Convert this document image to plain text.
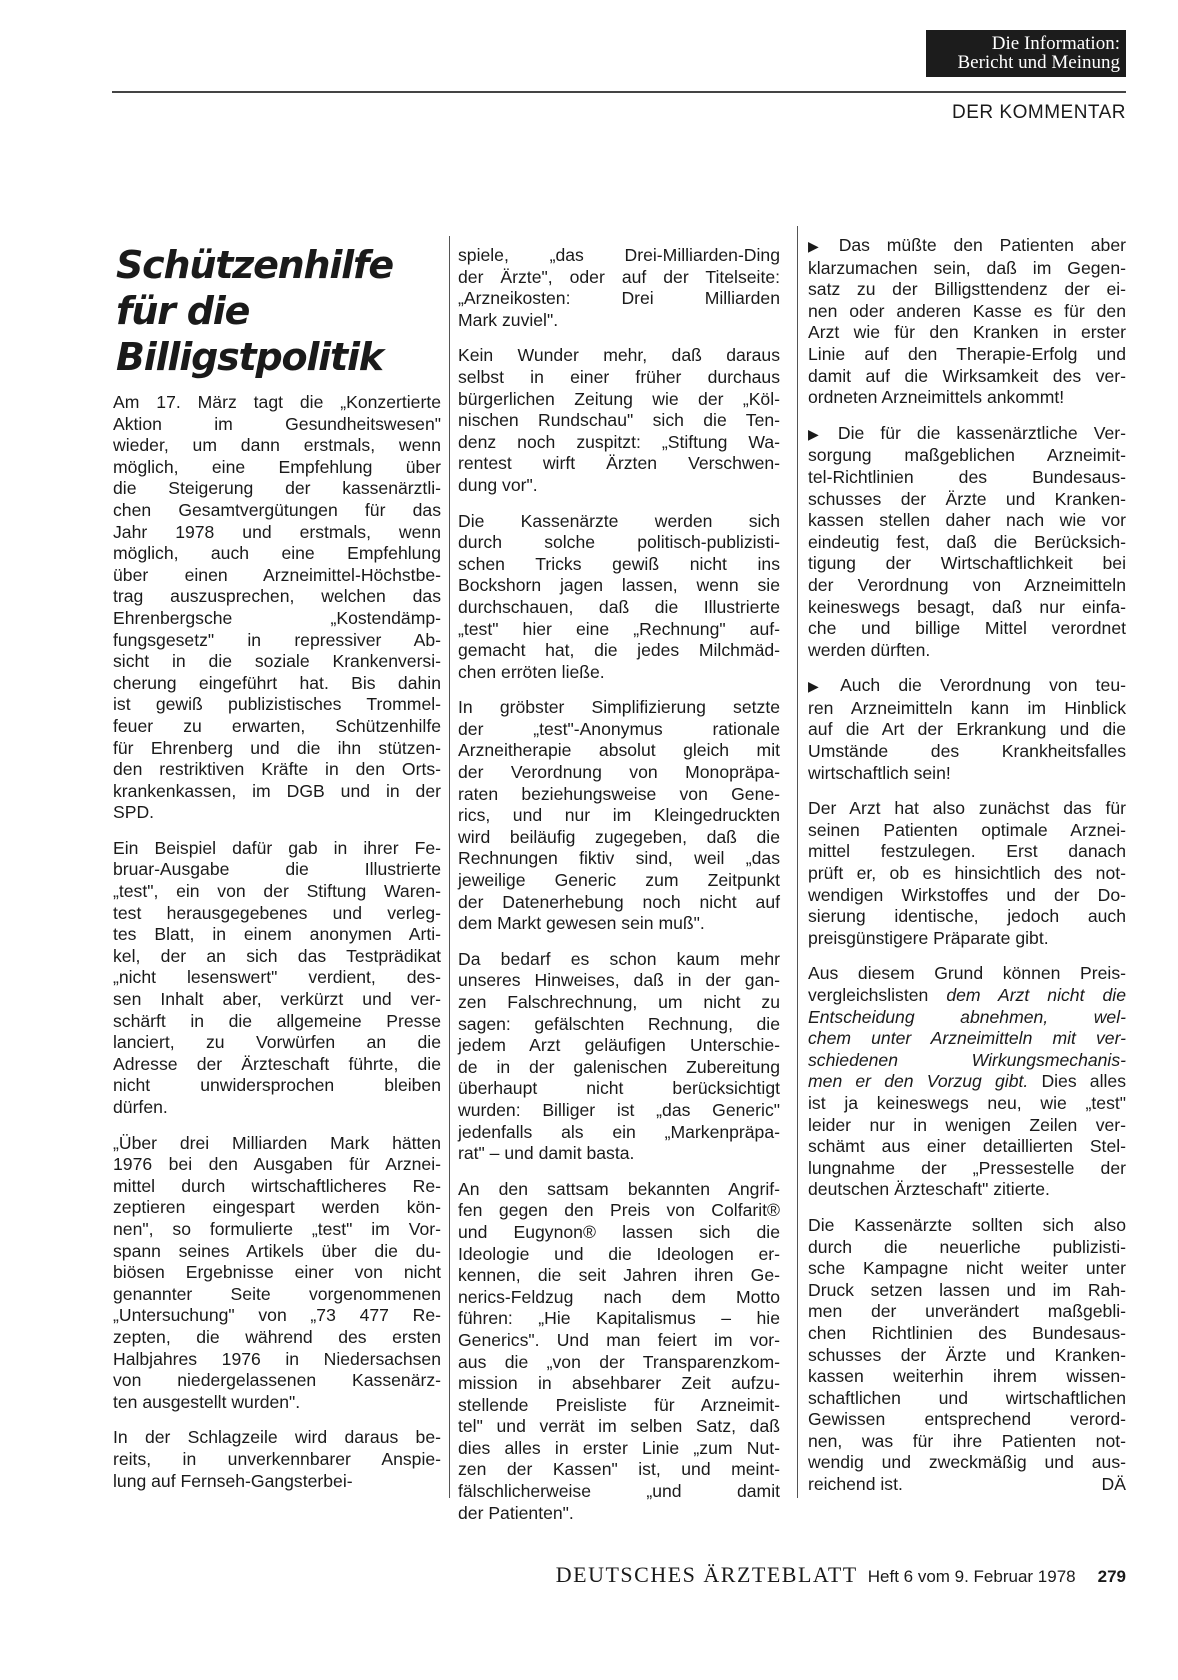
Die Information:
Bericht und Meinung
DER KOMMENTAR
Schützenhilfe
für die
Billigstpolitik

Am 17. März tagt die „Konzertierte
Aktion im Gesundheitswesen"
wieder, um dann erstmals, wenn
möglich, eine Empfehlung über
die Steigerung der kassenärztli-
chen Gesamtvergütungen für das
Jahr 1978 und erstmals, wenn
möglich, auch eine Empfehlung
über einen Arzneimittel-Höchstbe-
trag auszusprechen, welchen das
Ehrenbergsche „Kostendämp-
fungsgesetz" in repressiver Ab-
sicht in die soziale Krankenversi-
cherung eingeführt hat. Bis dahin
ist gewiß publizistisches Trommel-
feuer zu erwarten, Schützenhilfe
für Ehrenberg und die ihn stützen-
den restriktiven Kräfte in den Orts-
krankenkassen, im DGB und in der
SPD.

Ein Beispiel dafür gab in ihrer Fe-
bruar-Ausgabe die Illustrierte
„test", ein von der Stiftung Waren-
test herausgegebenes und verleg-
tes Blatt, in einem anonymen Arti-
kel, der an sich das Testprädikat
„nicht lesenswert" verdient, des-
sen Inhalt aber, verkürzt und ver-
schärft in die allgemeine Presse
lanciert, zu Vorwürfen an die
Adresse der Ärzteschaft führte, die
nicht unwidersprochen bleiben
dürfen.

„Über drei Milliarden Mark hätten
1976 bei den Ausgaben für Arznei-
mittel durch wirtschaftlicheres Re-
zeptieren eingespart werden kön-
nen", so formulierte „test" im Vor-
spann seines Artikels über die du-
biösen Ergebnisse einer von nicht
genannter Seite vorgenommenen
„Untersuchung" von „73 477 Re-
zepten, die während des ersten
Halbjahres 1976 in Niedersachsen
von niedergelassenen Kassenärz-
ten ausgestellt wurden".

In der Schlagzeile wird daraus be-
reits, in unverkennbarer Anspie-
lung auf Fernseh-Gangsterbei-

spiele, „das Drei-Milliarden-Ding
der Ärzte", oder auf der Titelseite:
„Arzneikosten: Drei Milliarden
Mark zuviel".

Kein Wunder mehr, daß daraus
selbst in einer früher durchaus
bürgerlichen Zeitung wie der „Köl-
nischen Rundschau" sich die Ten-
denz noch zuspitzt: „Stiftung Wa-
rentest wirft Ärzten Verschwen-
dung vor".

Die Kassenärzte werden sich
durch solche politisch-publizisti-
schen Tricks gewiß nicht ins
Bockshorn jagen lassen, wenn sie
durchschauen, daß die Illustrierte
„test" hier eine „Rechnung" auf-
gemacht hat, die jedes Milchmäd-
chen erröten ließe.

In gröbster Simplifizierung setzte
der „test"-Anonymus rationale
Arzneitherapie absolut gleich mit
der Verordnung von Monopräpa-
raten beziehungsweise von Gene-
rics, und nur im Kleingedruckten
wird beiläufig zugegeben, daß die
Rechnungen fiktiv sind, weil „das
jeweilige Generic zum Zeitpunkt
der Datenerhebung noch nicht auf
dem Markt gewesen sein muß".

Da bedarf es schon kaum mehr
unseres Hinweises, daß in der gan-
zen Falschrechnung, um nicht zu
sagen: gefälschten Rechnung, die
jedem Arzt geläufigen Unterschie-
de in der galenischen Zubereitung
überhaupt nicht berücksichtigt
wurden: Billiger ist „das Generic"
jedenfalls als ein „Markenpräpa-
rat" – und damit basta.

An den sattsam bekannten Angrif-
fen gegen den Preis von Colfarit®
und Eugynon® lassen sich die
Ideologie und die Ideologen er-
kennen, die seit Jahren ihren Ge-
nerics-Feldzug nach dem Motto
führen: „Hie Kapitalismus – hie
Generics". Und man feiert im vor-
aus die „von der Transparenzkom-
mission in absehbarer Zeit aufzu-
stellende Preisliste für Arzneimit-
tel" und verrät im selben Satz, daß
dies alles in erster Linie „zum Nut-
zen der Kassen" ist, und meint-
fälschlicherweise „und damit
der Patienten".

▶ Das müßte den Patienten aber
klarzumachen sein, daß im Gegen-
satz zu der Billigsttendenz der ei-
nen oder anderen Kasse es für den
Arzt wie für den Kranken in erster
Linie auf den Therapie-Erfolg und
damit auf die Wirksamkeit des ver-
ordneten Arzneimittels ankommt!

▶ Die für die kassenärztliche Ver-
sorgung maßgeblichen Arzneimit-
tel-Richtlinien des Bundesaus-
schusses der Ärzte und Kranken-
kassen stellen daher nach wie vor
eindeutig fest, daß die Berücksich-
tigung der Wirtschaftlichkeit bei
der Verordnung von Arzneimitteln
keineswegs besagt, daß nur einfa-
che und billige Mittel verordnet
werden dürften.

▶ Auch die Verordnung von teu-
ren Arzneimitteln kann im Hinblick
auf die Art der Erkrankung und die
Umstände des Krankheitsfalles
wirtschaftlich sein!

Der Arzt hat also zunächst das für
seinen Patienten optimale Arznei-
mittel festzulegen. Erst danach
prüft er, ob es hinsichtlich des not-
wendigen Wirkstoffes und der Do-
sierung identische, jedoch auch
preisgünstigere Präparate gibt.

Aus diesem Grund können Preis-
vergleichslisten dem Arzt nicht die
Entscheidung abnehmen, wel-
chem unter Arzneimitteln mit ver-
schiedenen Wirkungsmechanis-
men er den Vorzug gibt. Dies alles
ist ja keineswegs neu, wie „test"
leider nur in wenigen Zeilen ver-
schämt aus einer detaillierten Stel-
lungnahme der „Pressestelle der
deutschen Ärzteschaft" zitierte.

Die Kassenärzte sollten sich also
durch die neuerliche publizisti-
sche Kampagne nicht weiter unter
Druck setzen lassen und im Rah-
men der unverändert maßgebli-
chen Richtlinien des Bundesaus-
schusses der Ärzte und Kranken-
kassen weiterhin ihrem wissen-
schaftlichen und wirtschaftlichen
Gewissen entsprechend verord-
nen, was für ihre Patienten not-
wendig und zweckmäßig und aus-
reichend ist.	DÄ

DEUTSCHES ÄRZTEBLATT Heft 6 vom 9. Februar 1978 279
